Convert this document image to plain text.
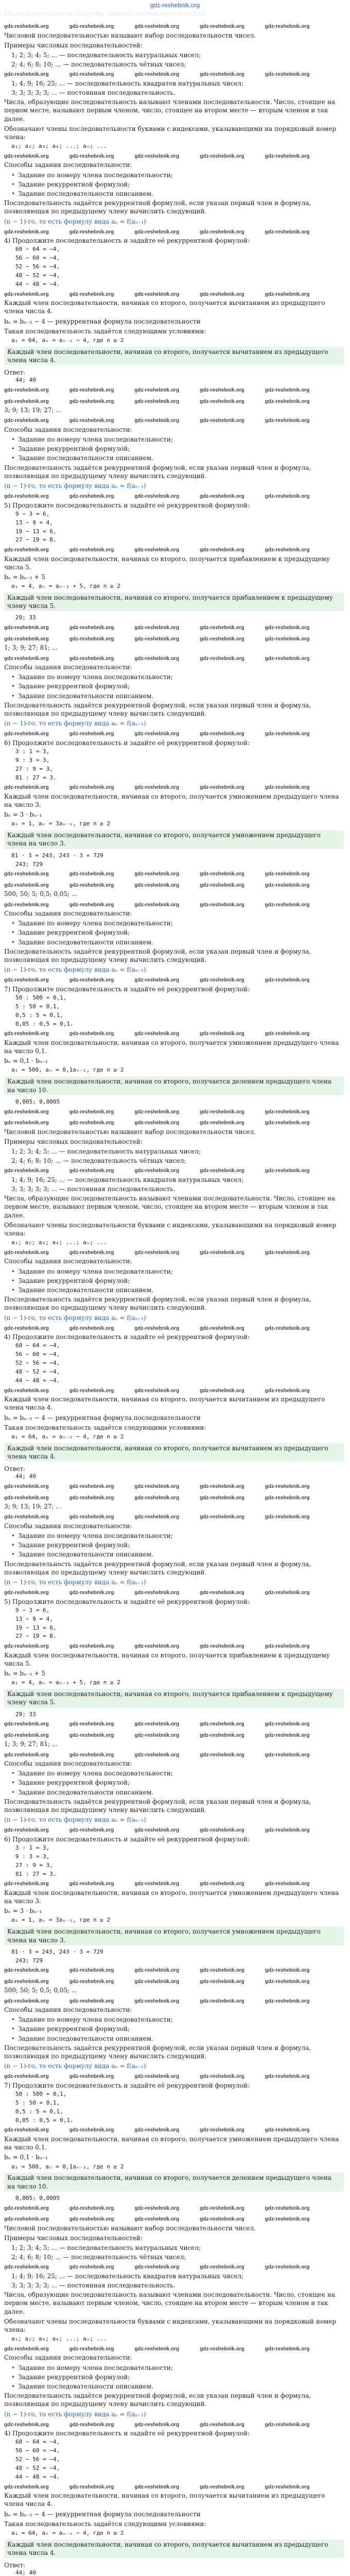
gdz-reshebnik.org
Последовательности. Способы задания последовательностей.
gdz-reshebnik.org	gdz-reshebnik.org	gdz-reshebnik.org	gdz-reshebnik.org	gdz-reshebnik.org

Числовой последовательностью называют набор последовательности чисел.

Примеры числовых последовательностей:

1; 2; 3; 4; 5; ... — последовательность натуральных чисел;
2; 4; 6; 8; 10; ... — последовательность чётных чисел;
gdz-reshebnik.org	gdz-reshebnik.org	gdz-reshebnik.org	gdz-reshebnik.org	gdz-reshebnik.org
1; 4; 9; 16; 25; ... — последовательность квадратов натуральных чисел;
3; 3; 3; 3; 3; ... — постоянная последовательность.

Числа, образующие последовательность называют членами последовательности. Число, стоящее на первом месте, называют первым членом, число, стоящее на втором месте — вторым членом и так далее.

Обозначают члены последовательности буквами с индексами, указывающими на порядковый номер члена:

a₁; a₂; a₃; a₄; ...; aₙ; ...
gdz-reshebnik.org	gdz-reshebnik.org	gdz-reshebnik.org	gdz-reshebnik.org	gdz-reshebnik.org

Способы задания последовательности:

• Задание по номеру члена последовательности;
• Задание рекуррентной формулой;
• Задание последовательности описанием.

Последовательность задаётся рекуррентной формулой, если указан первый член и формула, позволяющая по предыдущему члену вычислить следующий.

(n − 1)-го, то есть формулу вида aₙ = f(aₙ₋₁)

gdz-reshebnik.org	gdz-reshebnik.org	gdz-reshebnik.org	gdz-reshebnik.org	gdz-reshebnik.org
4) Продолжите последовательность и задайте её рекуррентной формулой:
60 − 64 = −4,
56 − 60 = −4,
52 − 56 = −4,
48 − 52 = −4,
44 − 48 = −4.
gdz-reshebnik.org	gdz-reshebnik.org	gdz-reshebnik.org	gdz-reshebnik.org	gdz-reshebnik.org

Каждый член последовательности, начиная со второго, получается вычитанием из предыдущего члена числа 4.

bₙ = bₙ₋₁ − 4 — рекуррентная формула последовательности

Такая последовательность задаётся следующими условиями:

a₁ = 64, aₙ = aₙ₋₁ − 4, где n ≥ 2
Каждый член последовательности, начиная со второго, получается вычитанием из предыдущего члена числа 4.
Ответ:
44; 40
gdz-reshebnik.org	gdz-reshebnik.org	gdz-reshebnik.org	gdz-reshebnik.org	gdz-reshebnik.org
gdz-reshebnik.org	gdz-reshebnik.org	gdz-reshebnik.org	gdz-reshebnik.org	gdz-reshebnik.org

3; 9; 13; 19; 27; ...

gdz-reshebnik.org	gdz-reshebnik.org	gdz-reshebnik.org	gdz-reshebnik.org	gdz-reshebnik.org

Способы задания последовательности:

• Задание по номеру члена последовательности;
• Задание рекуррентной формулой;
• Задание последовательности описанием.

Последовательность задаётся рекуррентной формулой, если указан первый член и формула, позволяющая по предыдущему члену вычислить следующий.

(n − 1)-го, то есть формулу вида aₙ = f(aₙ₋₁)

gdz-reshebnik.org	gdz-reshebnik.org	gdz-reshebnik.org	gdz-reshebnik.org	gdz-reshebnik.org
5) Продолжите последовательность и задайте её рекуррентной формулой:
9 − 3 = 6,
13 − 9 = 4,
19 − 13 = 6,
27 − 19 = 8.
gdz-reshebnik.org	gdz-reshebnik.org	gdz-reshebnik.org	gdz-reshebnik.org	gdz-reshebnik.org

Каждый член последовательности, начиная со второго, получается прибавлением к предыдущему числа 5.

bₙ = bₙ₋₁ + 5

a₁ = 4, aₙ = aₙ₋₁ + 5, где n ≥ 2
Каждый член последовательности, начиная со второго, получается прибавлением к предыдущему члену числа 5.
29; 33
gdz-reshebnik.org	gdz-reshebnik.org	gdz-reshebnik.org	gdz-reshebnik.org	gdz-reshebnik.org
gdz-reshebnik.org	gdz-reshebnik.org	gdz-reshebnik.org	gdz-reshebnik.org	gdz-reshebnik.org

1; 3; 9; 27; 81; ...

gdz-reshebnik.org	gdz-reshebnik.org	gdz-reshebnik.org	gdz-reshebnik.org	gdz-reshebnik.org

Способы задания последовательности:

• Задание по номеру члена последовательности;
• Задание рекуррентной формулой;
• Задание последовательности описанием.

Последовательность задаётся рекуррентной формулой, если указан первый член и формула, позволяющая по предыдущему члену вычислить следующий.

(n − 1)-го, то есть формулу вида aₙ = f(aₙ₋₁)

gdz-reshebnik.org	gdz-reshebnik.org	gdz-reshebnik.org	gdz-reshebnik.org	gdz-reshebnik.org
6) Продолжите последовательность и задайте её рекуррентной формулой:
3 : 1 = 3,
9 : 3 = 3,
27 : 9 = 3,
81 : 27 = 3.
gdz-reshebnik.org	gdz-reshebnik.org	gdz-reshebnik.org	gdz-reshebnik.org	gdz-reshebnik.org

Каждый член последовательности, начиная со второго, получается умножением предыдущего члена на число 3.

bₙ = 3 · bₙ₋₁

a₁ = 1, aₙ = 3aₙ₋₁, где n ≥ 2
Каждый член последовательности, начиная со второго, получается умножением предыдущего члена на число 3.
81 · 3 = 243, 243 · 3 = 729
243; 729
gdz-reshebnik.org	gdz-reshebnik.org	gdz-reshebnik.org	gdz-reshebnik.org	gdz-reshebnik.org
gdz-reshebnik.org	gdz-reshebnik.org	gdz-reshebnik.org	gdz-reshebnik.org	gdz-reshebnik.org

500; 50; 5; 0,5; 0,05; ...

gdz-reshebnik.org	gdz-reshebnik.org	gdz-reshebnik.org	gdz-reshebnik.org	gdz-reshebnik.org

Способы задания последовательности:

• Задание по номеру члена последовательности;
• Задание рекуррентной формулой;
• Задание последовательности описанием.

Последовательность задаётся рекуррентной формулой, если указан первый член и формула, позволяющая по предыдущему члену вычислить следующий.

(n − 1)-го, то есть формулу вида aₙ = f(aₙ₋₁)

gdz-reshebnik.org	gdz-reshebnik.org	gdz-reshebnik.org	gdz-reshebnik.org	gdz-reshebnik.org
7) Продолжите последовательность и задайте её рекуррентной формулой:
50 : 500 = 0,1,
5 : 50 = 0,1,
0,5 : 5 = 0,1,
0,05 : 0,5 = 0,1.
gdz-reshebnik.org	gdz-reshebnik.org	gdz-reshebnik.org	gdz-reshebnik.org	gdz-reshebnik.org

Каждый член последовательности, начиная со второго, получается умножением предыдущего члена на число 0,1.

bₙ = 0,1 · bₙ₋₁

a₁ = 500, aₙ = 0,1aₙ₋₁, где n ≥ 2
Каждый член последовательности, начиная со второго, получается делением предыдущего члена на число 10.
0,005; 0,0005
gdz-reshebnik.org	gdz-reshebnik.org	gdz-reshebnik.org	gdz-reshebnik.org	gdz-reshebnik.org
gdz-reshebnik.org	gdz-reshebnik.org	gdz-reshebnik.org	gdz-reshebnik.org	gdz-reshebnik.org

Числовой последовательностью называют набор последовательности чисел.

Примеры числовых последовательностей:

1; 2; 3; 4; 5; ... — последовательность натуральных чисел;
2; 4; 6; 8; 10; ... — последовательность чётных чисел;
gdz-reshebnik.org	gdz-reshebnik.org	gdz-reshebnik.org	gdz-reshebnik.org	gdz-reshebnik.org
1; 4; 9; 16; 25; ... — последовательность квадратов натуральных чисел;
3; 3; 3; 3; 3; ... — постоянная последовательность.

Числа, образующие последовательность называют членами последовательности. Число, стоящее на первом месте, называют первым членом, число, стоящее на втором месте — вторым членом и так далее.

Обозначают члены последовательности буквами с индексами, указывающими на порядковый номер члена:

a₁; a₂; a₃; a₄; ...; aₙ; ...
gdz-reshebnik.org	gdz-reshebnik.org	gdz-reshebnik.org	gdz-reshebnik.org	gdz-reshebnik.org

Способы задания последовательности:

• Задание по номеру члена последовательности;
• Задание рекуррентной формулой;
• Задание последовательности описанием.

Последовательность задаётся рекуррентной формулой, если указан первый член и формула, позволяющая по предыдущему члену вычислить следующий.

(n − 1)-го, то есть формулу вида aₙ = f(aₙ₋₁)

gdz-reshebnik.org	gdz-reshebnik.org	gdz-reshebnik.org	gdz-reshebnik.org	gdz-reshebnik.org
4) Продолжите последовательность и задайте её рекуррентной формулой:
60 − 64 = −4,
56 − 60 = −4,
52 − 56 = −4,
48 − 52 = −4,
44 − 48 = −4.
gdz-reshebnik.org	gdz-reshebnik.org	gdz-reshebnik.org	gdz-reshebnik.org	gdz-reshebnik.org

Каждый член последовательности, начиная со второго, получается вычитанием из предыдущего члена числа 4.

bₙ = bₙ₋₁ − 4 — рекуррентная формула последовательности

Такая последовательность задаётся следующими условиями:

a₁ = 64, aₙ = aₙ₋₁ − 4, где n ≥ 2
Каждый член последовательности, начиная со второго, получается вычитанием из предыдущего члена числа 4.
Ответ:
44; 40
gdz-reshebnik.org	gdz-reshebnik.org	gdz-reshebnik.org	gdz-reshebnik.org	gdz-reshebnik.org
gdz-reshebnik.org	gdz-reshebnik.org	gdz-reshebnik.org	gdz-reshebnik.org	gdz-reshebnik.org

3; 9; 13; 19; 27; ...

gdz-reshebnik.org	gdz-reshebnik.org	gdz-reshebnik.org	gdz-reshebnik.org	gdz-reshebnik.org

Способы задания последовательности:

• Задание по номеру члена последовательности;
• Задание рекуррентной формулой;
• Задание последовательности описанием.

Последовательность задаётся рекуррентной формулой, если указан первый член и формула, позволяющая по предыдущему члену вычислить следующий.

(n − 1)-го, то есть формулу вида aₙ = f(aₙ₋₁)

gdz-reshebnik.org	gdz-reshebnik.org	gdz-reshebnik.org	gdz-reshebnik.org	gdz-reshebnik.org
5) Продолжите последовательность и задайте её рекуррентной формулой:
9 − 3 = 6,
13 − 9 = 4,
19 − 13 = 6,
27 − 19 = 8.
gdz-reshebnik.org	gdz-reshebnik.org	gdz-reshebnik.org	gdz-reshebnik.org	gdz-reshebnik.org

Каждый член последовательности, начиная со второго, получается прибавлением к предыдущему числа 5.

bₙ = bₙ₋₁ + 5

a₁ = 4, aₙ = aₙ₋₁ + 5, где n ≥ 2
Каждый член последовательности, начиная со второго, получается прибавлением к предыдущему члену числа 5.
29; 33
gdz-reshebnik.org	gdz-reshebnik.org	gdz-reshebnik.org	gdz-reshebnik.org	gdz-reshebnik.org
gdz-reshebnik.org	gdz-reshebnik.org	gdz-reshebnik.org	gdz-reshebnik.org	gdz-reshebnik.org

1; 3; 9; 27; 81; ...

gdz-reshebnik.org	gdz-reshebnik.org	gdz-reshebnik.org	gdz-reshebnik.org	gdz-reshebnik.org

Способы задания последовательности:

• Задание по номеру члена последовательности;
• Задание рекуррентной формулой;
• Задание последовательности описанием.

Последовательность задаётся рекуррентной формулой, если указан первый член и формула, позволяющая по предыдущему члену вычислить следующий.

(n − 1)-го, то есть формулу вида aₙ = f(aₙ₋₁)

gdz-reshebnik.org	gdz-reshebnik.org	gdz-reshebnik.org	gdz-reshebnik.org	gdz-reshebnik.org
6) Продолжите последовательность и задайте её рекуррентной формулой:
3 : 1 = 3,
9 : 3 = 3,
27 : 9 = 3,
81 : 27 = 3.
gdz-reshebnik.org	gdz-reshebnik.org	gdz-reshebnik.org	gdz-reshebnik.org	gdz-reshebnik.org

Каждый член последовательности, начиная со второго, получается умножением предыдущего члена на число 3.

bₙ = 3 · bₙ₋₁

a₁ = 1, aₙ = 3aₙ₋₁, где n ≥ 2
Каждый член последовательности, начиная со второго, получается умножением предыдущего члена на число 3.
81 · 3 = 243, 243 · 3 = 729
243; 729
gdz-reshebnik.org	gdz-reshebnik.org	gdz-reshebnik.org	gdz-reshebnik.org	gdz-reshebnik.org
gdz-reshebnik.org	gdz-reshebnik.org	gdz-reshebnik.org	gdz-reshebnik.org	gdz-reshebnik.org

500; 50; 5; 0,5; 0,05; ...

gdz-reshebnik.org	gdz-reshebnik.org	gdz-reshebnik.org	gdz-reshebnik.org	gdz-reshebnik.org

Способы задания последовательности:

• Задание по номеру члена последовательности;
• Задание рекуррентной формулой;
• Задание последовательности описанием.

Последовательность задаётся рекуррентной формулой, если указан первый член и формула, позволяющая по предыдущему члену вычислить следующий.

(n − 1)-го, то есть формулу вида aₙ = f(aₙ₋₁)

gdz-reshebnik.org	gdz-reshebnik.org	gdz-reshebnik.org	gdz-reshebnik.org	gdz-reshebnik.org
7) Продолжите последовательность и задайте её рекуррентной формулой:
50 : 500 = 0,1,
5 : 50 = 0,1,
0,5 : 5 = 0,1,
0,05 : 0,5 = 0,1.
gdz-reshebnik.org	gdz-reshebnik.org	gdz-reshebnik.org	gdz-reshebnik.org	gdz-reshebnik.org

Каждый член последовательности, начиная со второго, получается умножением предыдущего члена на число 0,1.

bₙ = 0,1 · bₙ₋₁

a₁ = 500, aₙ = 0,1aₙ₋₁, где n ≥ 2
Каждый член последовательности, начиная со второго, получается делением предыдущего члена на число 10.
0,005; 0,0005
gdz-reshebnik.org	gdz-reshebnik.org	gdz-reshebnik.org	gdz-reshebnik.org	gdz-reshebnik.org
gdz-reshebnik.org	gdz-reshebnik.org	gdz-reshebnik.org	gdz-reshebnik.org	gdz-reshebnik.org

Числовой последовательностью называют набор последовательности чисел.

Примеры числовых последовательностей:

1; 2; 3; 4; 5; ... — последовательность натуральных чисел;
2; 4; 6; 8; 10; ... — последовательность чётных чисел;
gdz-reshebnik.org	gdz-reshebnik.org	gdz-reshebnik.org	gdz-reshebnik.org	gdz-reshebnik.org
1; 4; 9; 16; 25; ... — последовательность квадратов натуральных чисел;
3; 3; 3; 3; 3; ... — постоянная последовательность.

Числа, образующие последовательность называют членами последовательности. Число, стоящее на первом месте, называют первым членом, число, стоящее на втором месте — вторым членом и так далее.

Обозначают члены последовательности буквами с индексами, указывающими на порядковый номер члена:

a₁; a₂; a₃; a₄; ...; aₙ; ...
gdz-reshebnik.org	gdz-reshebnik.org	gdz-reshebnik.org	gdz-reshebnik.org	gdz-reshebnik.org

Способы задания последовательности:

• Задание по номеру члена последовательности;
• Задание рекуррентной формулой;
• Задание последовательности описанием.

Последовательность задаётся рекуррентной формулой, если указан первый член и формула, позволяющая по предыдущему члену вычислить следующий.

(n − 1)-го, то есть формулу вида aₙ = f(aₙ₋₁)

gdz-reshebnik.org	gdz-reshebnik.org	gdz-reshebnik.org	gdz-reshebnik.org	gdz-reshebnik.org
4) Продолжите последовательность и задайте её рекуррентной формулой:
60 − 64 = −4,
56 − 60 = −4,
52 − 56 = −4,
48 − 52 = −4,
44 − 48 = −4.
gdz-reshebnik.org	gdz-reshebnik.org	gdz-reshebnik.org	gdz-reshebnik.org	gdz-reshebnik.org

Каждый член последовательности, начиная со второго, получается вычитанием из предыдущего члена числа 4.

bₙ = bₙ₋₁ − 4 — рекуррентная формула последовательности

Такая последовательность задаётся следующими условиями:

a₁ = 64, aₙ = aₙ₋₁ − 4, где n ≥ 2
Каждый член последовательности, начиная со второго, получается вычитанием из предыдущего члена числа 4.
Ответ:
44; 40
